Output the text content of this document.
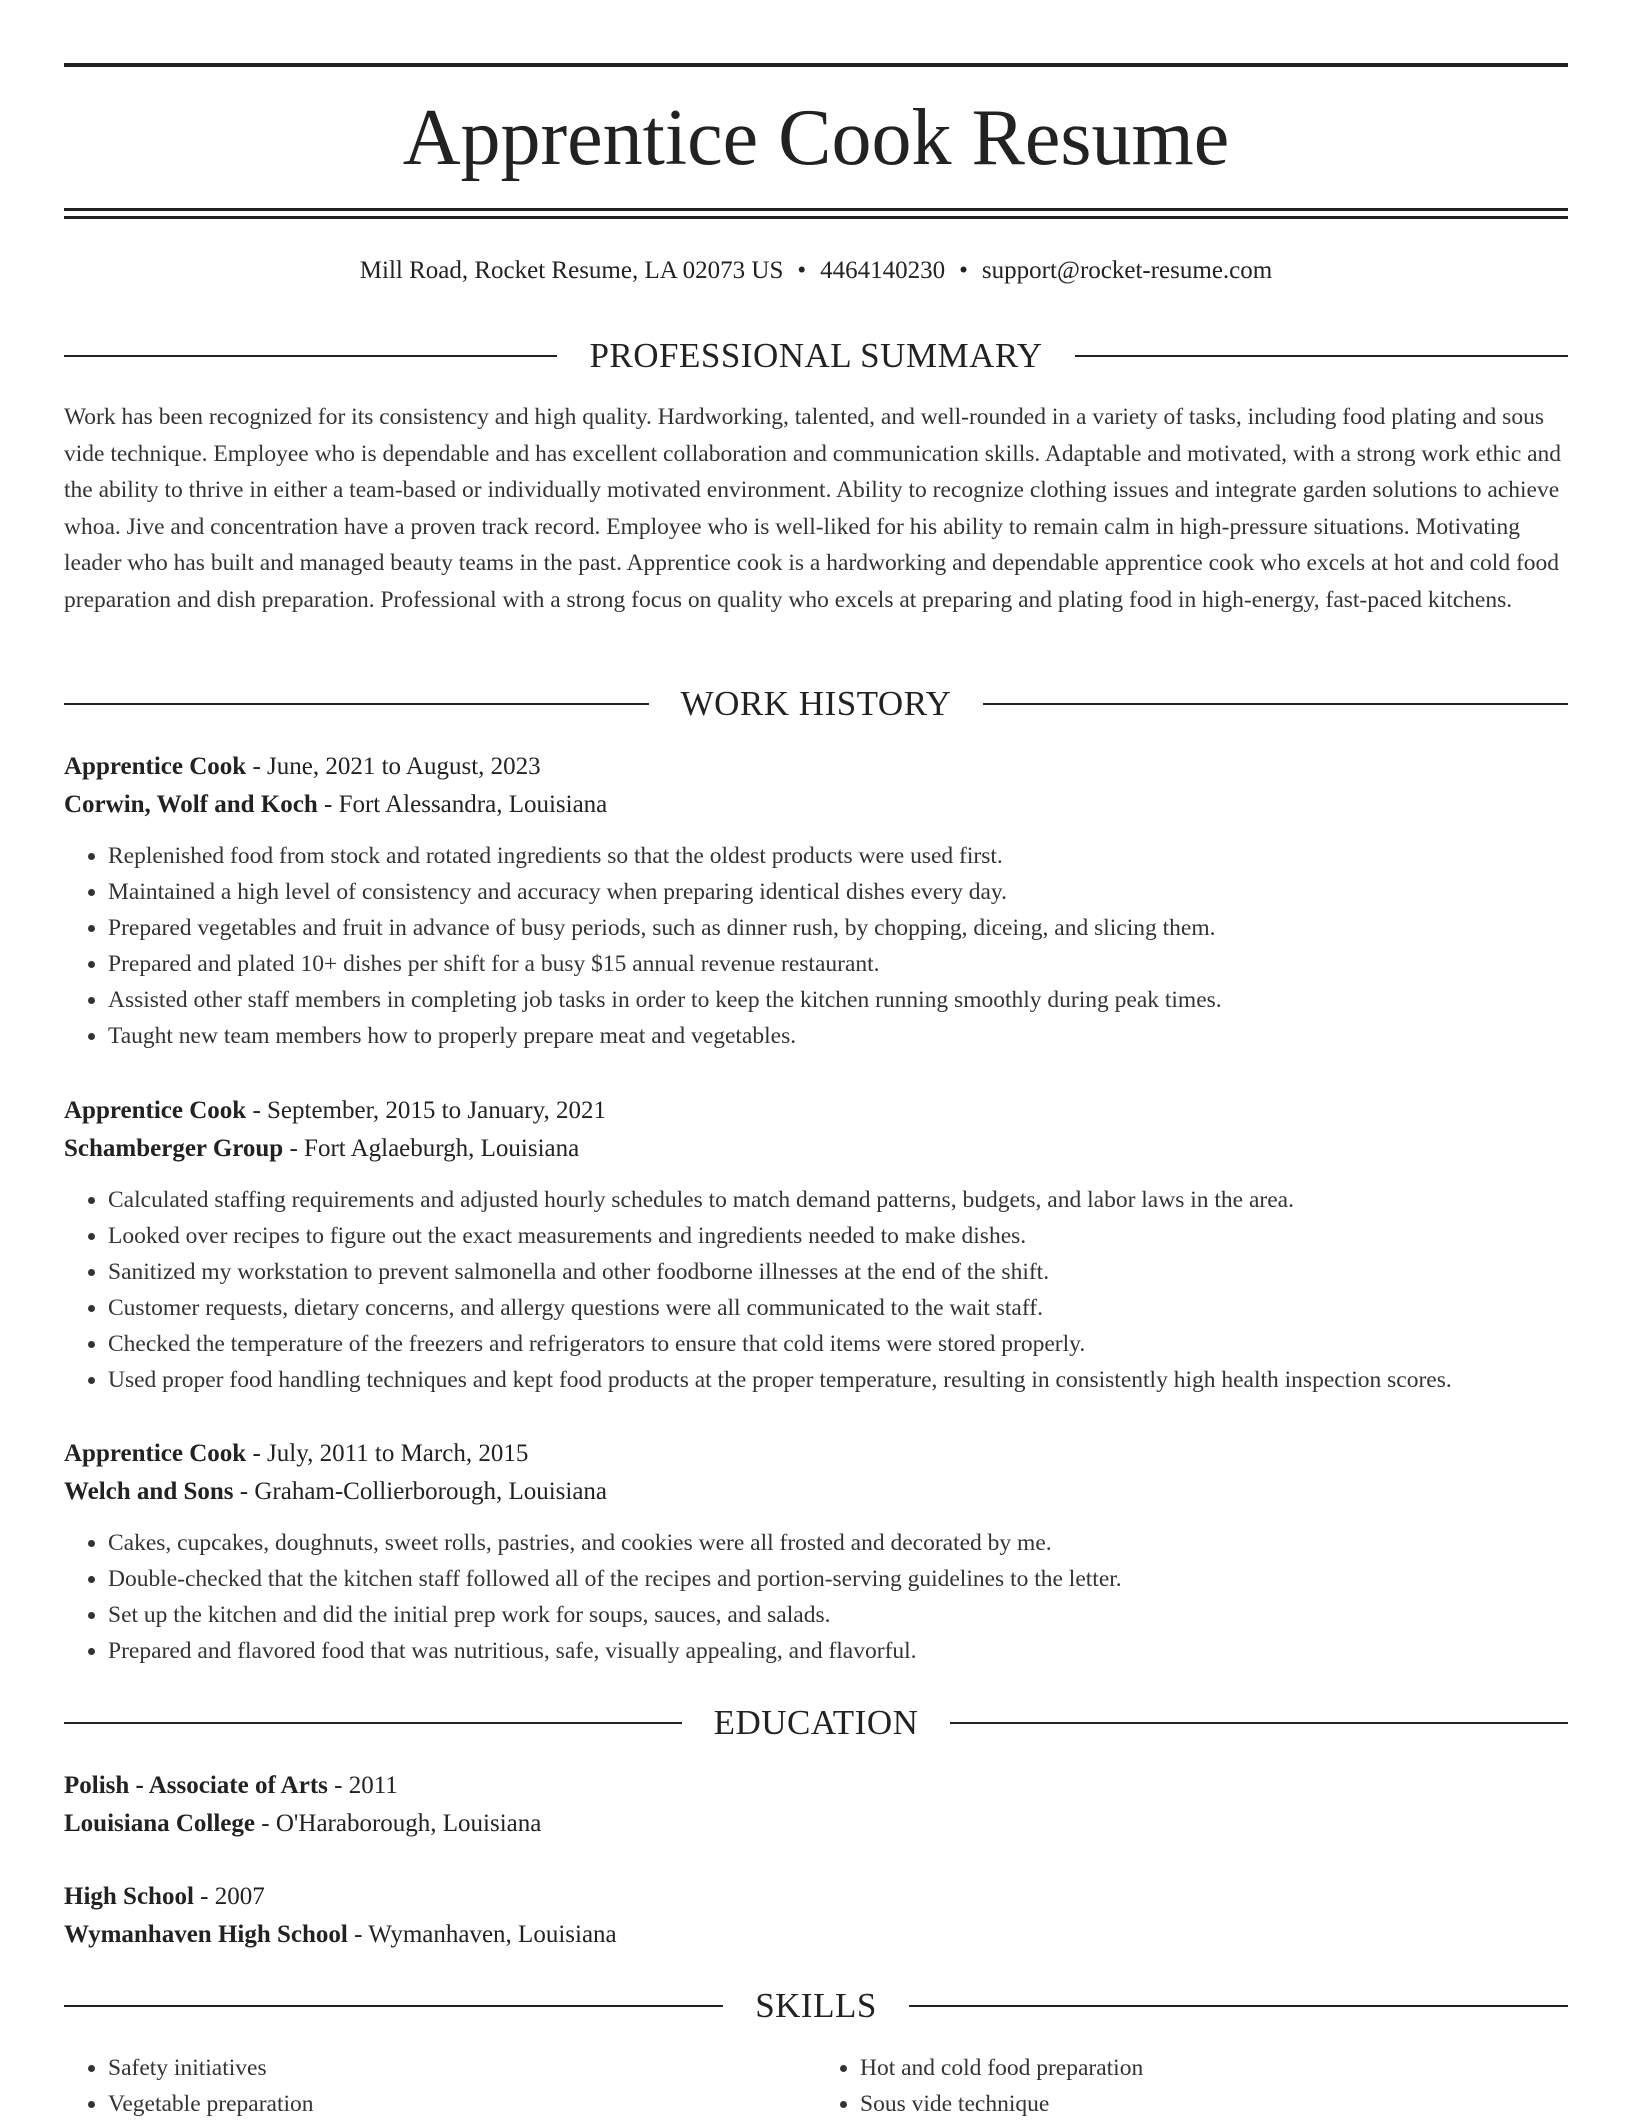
Apprentice Cook Resume
Mill Road, Rocket Resume, LA 02073 US • 4464140230 • support@rocket-resume.com
PROFESSIONAL SUMMARY

Work has been recognized for its consistency and high quality. Hardworking, talented, and well-rounded in a variety of tasks, including food plating and sous vide technique. Employee who is dependable and has excellent collaboration and communication skills. Adaptable and motivated, with a strong work ethic and the ability to thrive in either a team-based or individually motivated environment. Ability to recognize clothing issues and integrate garden solutions to achieve whoa. Jive and concentration have a proven track record. Employee who is well-liked for his ability to remain calm in high-pressure situations. Motivating leader who has built and managed beauty teams in the past. Apprentice cook is a hardworking and dependable apprentice cook who excels at hot and cold food preparation and dish preparation. Professional with a strong focus on quality who excels at preparing and plating food in high-energy, fast-paced kitchens.

WORK HISTORY
Apprentice Cook - June, 2021 to August, 2023
Corwin, Wolf and Koch - Fort Alessandra, Louisiana
• Replenished food from stock and rotated ingredients so that the oldest products were used first.
• Maintained a high level of consistency and accuracy when preparing identical dishes every day.
• Prepared vegetables and fruit in advance of busy periods, such as dinner rush, by chopping, diceing, and slicing them.
• Prepared and plated 10+ dishes per shift for a busy $15 annual revenue restaurant.
• Assisted other staff members in completing job tasks in order to keep the kitchen running smoothly during peak times.
• Taught new team members how to properly prepare meat and vegetables.
Apprentice Cook - September, 2015 to January, 2021
Schamberger Group - Fort Aglaeburgh, Louisiana
• Calculated staffing requirements and adjusted hourly schedules to match demand patterns, budgets, and labor laws in the area.
• Looked over recipes to figure out the exact measurements and ingredients needed to make dishes.
• Sanitized my workstation to prevent salmonella and other foodborne illnesses at the end of the shift.
• Customer requests, dietary concerns, and allergy questions were all communicated to the wait staff.
• Checked the temperature of the freezers and refrigerators to ensure that cold items were stored properly.
• Used proper food handling techniques and kept food products at the proper temperature, resulting in consistently high health inspection scores.
Apprentice Cook - July, 2011 to March, 2015
Welch and Sons - Graham-Collierborough, Louisiana
• Cakes, cupcakes, doughnuts, sweet rolls, pastries, and cookies were all frosted and decorated by me.
• Double-checked that the kitchen staff followed all of the recipes and portion-serving guidelines to the letter.
• Set up the kitchen and did the initial prep work for soups, sauces, and salads.
• Prepared and flavored food that was nutritious, safe, visually appealing, and flavorful.
EDUCATION
Polish - Associate of Arts - 2011
Louisiana College - O'Haraborough, Louisiana
High School - 2007
Wymanhaven High School - Wymanhaven, Louisiana
SKILLS
• Safety initiatives
• Vegetable preparation
• Hot and cold food preparation
• Sous vide technique
